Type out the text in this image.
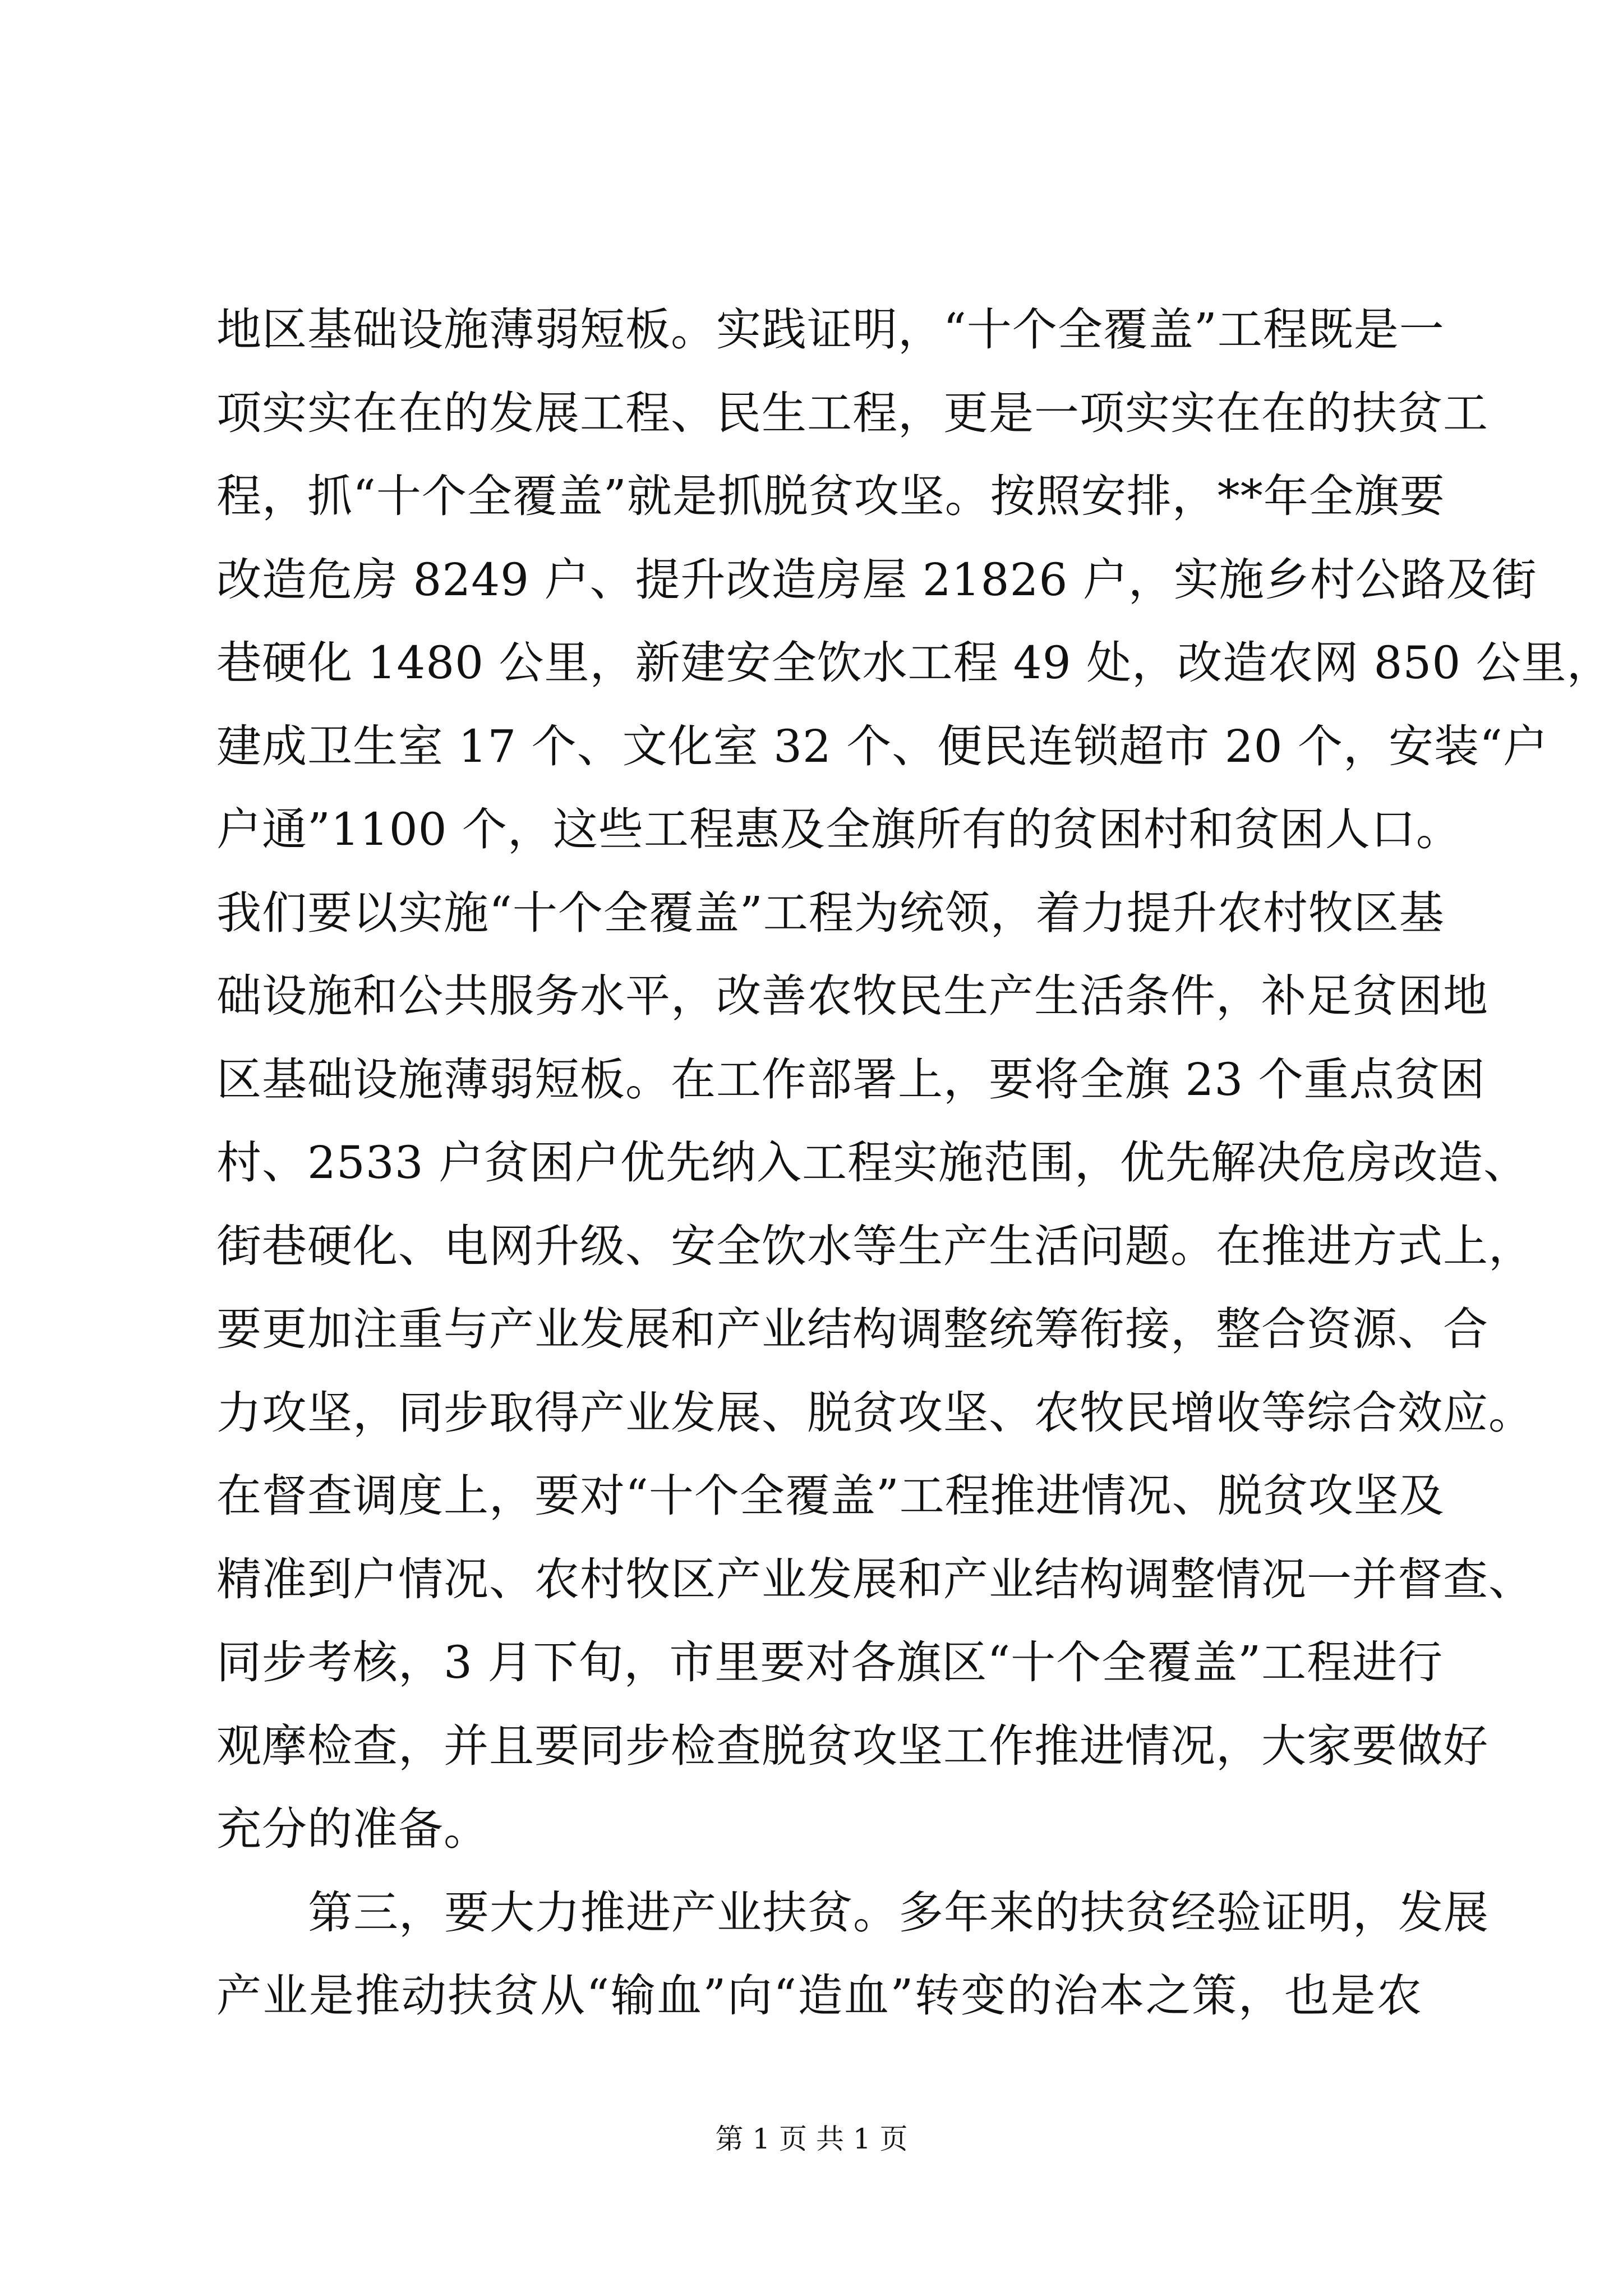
地区基础设施薄弱短板。实践证明，“十个全覆盖”工程既是一
项实实在在的发展工程、民生工程，更是一项实实在在的扶贫工
程，抓“十个全覆盖”就是抓脱贫攻坚。按照安排，**年全旗要
改造危房 8249 户、提升改造房屋 21826 户，实施乡村公路及街
巷硬化 1480 公里，新建安全饮水工程 49 处，改造农网 850 公里，
建成卫生室 17 个、文化室 32 个、便民连锁超市 20 个，安装“户
户通”1100 个，这些工程惠及全旗所有的贫困村和贫困人口。
我们要以实施“十个全覆盖”工程为统领，着力提升农村牧区基
础设施和公共服务水平，改善农牧民生产生活条件，补足贫困地
区基础设施薄弱短板。在工作部署上，要将全旗 23 个重点贫困
村、2533 户贫困户优先纳入工程实施范围，优先解决危房改造、
街巷硬化、电网升级、安全饮水等生产生活问题。在推进方式上，
要更加注重与产业发展和产业结构调整统筹衔接，整合资源、合
力攻坚，同步取得产业发展、脱贫攻坚、农牧民增收等综合效应。
在督查调度上，要对“十个全覆盖”工程推进情况、脱贫攻坚及
精准到户情况、农村牧区产业发展和产业结构调整情况一并督查、
同步考核，3 月下旬，市里要对各旗区“十个全覆盖”工程进行
观摩检查，并且要同步检查脱贫攻坚工作推进情况，大家要做好
充分的准备。
第三，要大力推进产业扶贫。多年来的扶贫经验证明，发展
产业是推动扶贫从“输血”向“造血”转变的治本之策，也是农
第 1 页 共 1 页
